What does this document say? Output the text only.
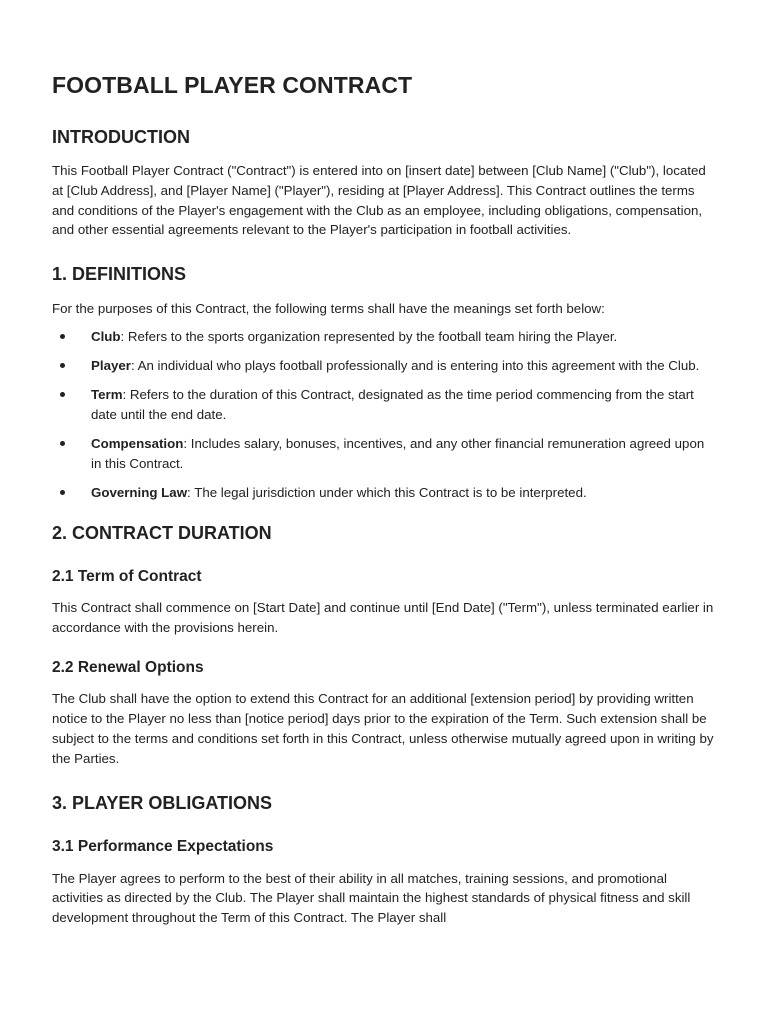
FOOTBALL PLAYER CONTRACT
INTRODUCTION

This Football Player Contract ("Contract") is entered into on [insert date] between [Club Name] ("Club"), located at [Club Address], and [Player Name] ("Player"), residing at [Player Address]. This Contract outlines the terms and conditions of the Player's engagement with the Club as an employee, including obligations, compensation, and other essential agreements relevant to the Player's participation in football activities.

1. DEFINITIONS

For the purposes of this Contract, the following terms shall have the meanings set forth below:

Club: Refers to the sports organization represented by the football team hiring the Player.
Player: An individual who plays football professionally and is entering into this agreement with the Club.
Term: Refers to the duration of this Contract, designated as the time period commencing from the start date until the end date.
Compensation: Includes salary, bonuses, incentives, and any other financial remuneration agreed upon in this Contract.
Governing Law: The legal jurisdiction under which this Contract is to be interpreted.
2. CONTRACT DURATION
2.1 Term of Contract

This Contract shall commence on [Start Date] and continue until [End Date] ("Term"), unless terminated earlier in accordance with the provisions herein.

2.2 Renewal Options

The Club shall have the option to extend this Contract for an additional [extension period] by providing written notice to the Player no less than [notice period] days prior to the expiration of the Term. Such extension shall be subject to the terms and conditions set forth in this Contract, unless otherwise mutually agreed upon in writing by the Parties.

3. PLAYER OBLIGATIONS
3.1 Performance Expectations

The Player agrees to perform to the best of their ability in all matches, training sessions, and promotional activities as directed by the Club. The Player shall maintain the highest standards of physical fitness and skill development throughout the Term of this Contract. The Player shall
